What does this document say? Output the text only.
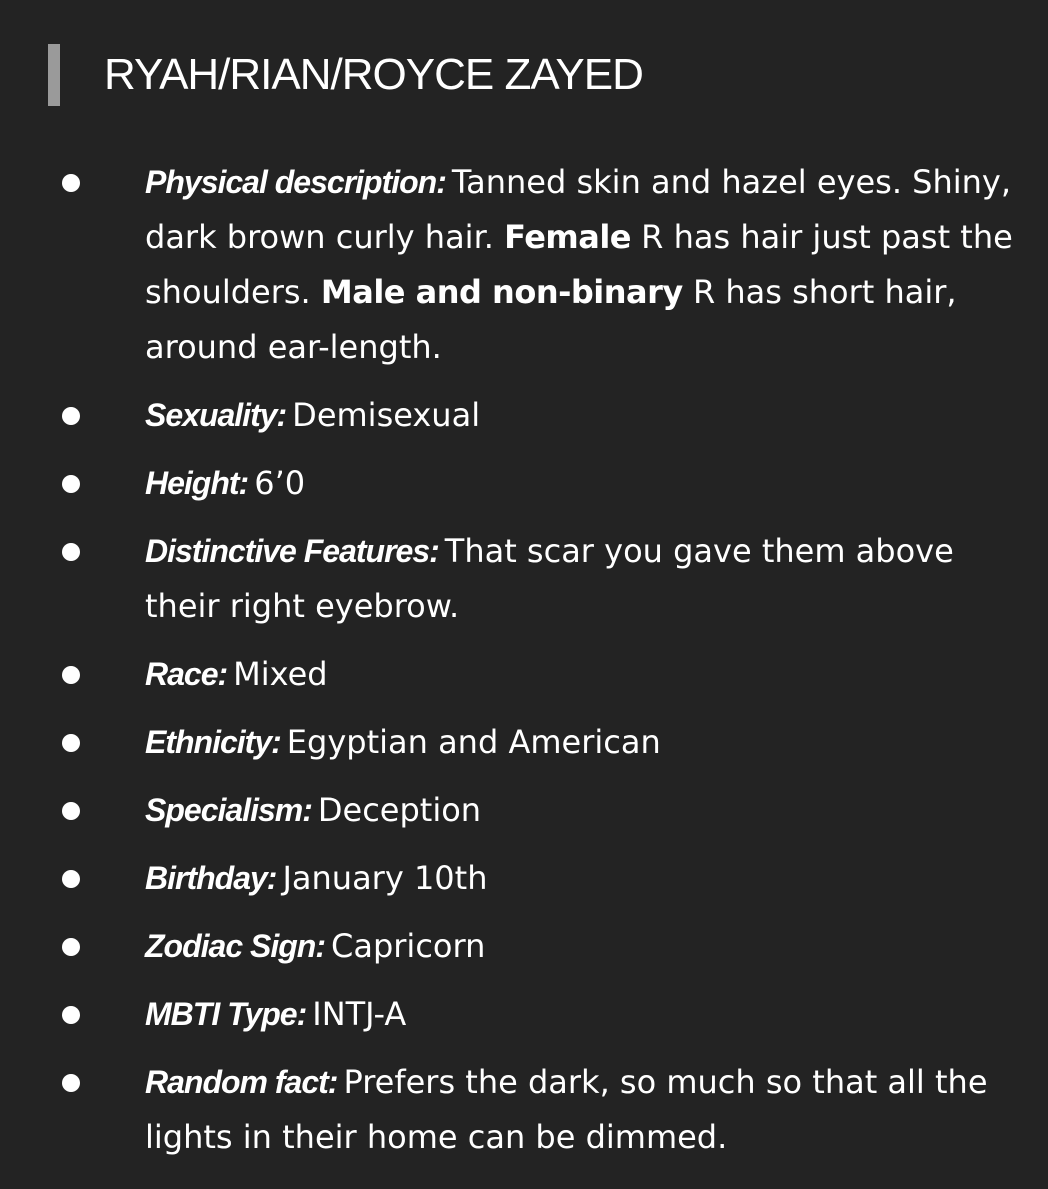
RYAH/RIAN/ROYCE ZAYED
Physical description: Tanned skin and hazel eyes. Shiny, dark brown curly hair. Female R has hair just past the shoulders. Male and non-binary R has short hair, around ear-length.
Sexuality: Demisexual
Height: 6’0
Distinctive Features: That scar you gave them above their right eyebrow.
Race: Mixed
Ethnicity: Egyptian and American
Specialism: Deception
Birthday: January 10th
Zodiac Sign: Capricorn
MBTI Type: INTJ-A
Random fact: Prefers the dark, so much so that all the lights in their home can be dimmed.
